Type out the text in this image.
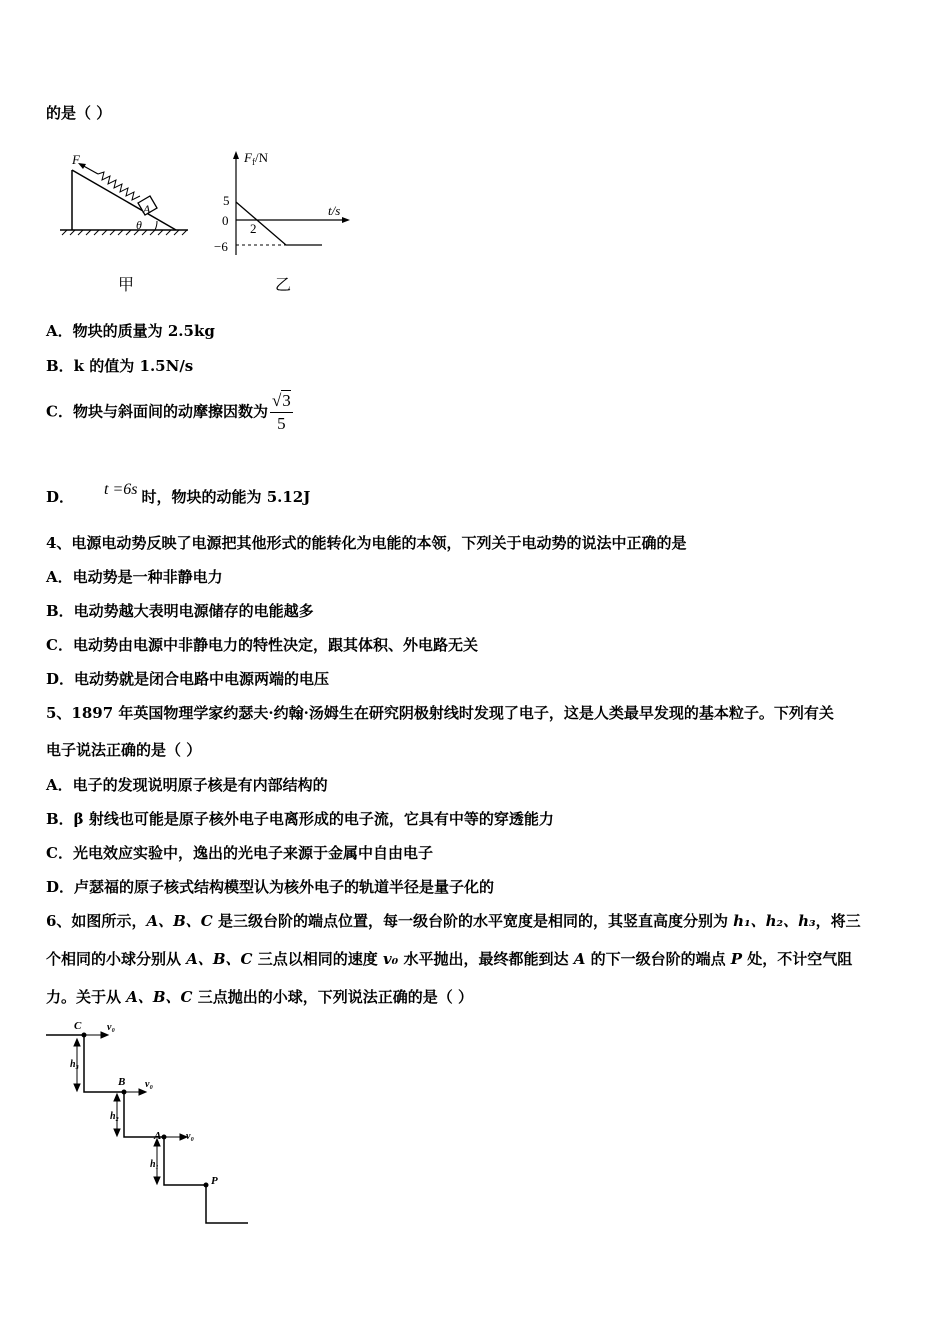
的是（ ）
F
A
θ
甲
$F_f/N$
t/s
5
0
−6
2
乙
A．物块的质量为 2.5kg
B．k 的值为 1.5N/s
C．物块与斜面间的动摩擦因数为 $\frac{√3}{5}$
D． t =6s 时，物块的动能为 5.12J
4、电源电动势反映了电源把其他形式的能转化为电能的本领，下列关于电动势的说法中正确的是
A．电动势是一种非静电力
B．电动势越大表明电源储存的电能越多
C．电动势由电源中非静电力的特性决定，跟其体积、外电路无关
D．电动势就是闭合电路中电源两端的电压
5、1897 年英国物理学家约瑟夫·约翰·汤姆生在研究阴极射线时发现了电子，这是人类最早发现的基本粒子。下列有关
电子说法正确的是（ ）
A．电子的发现说明原子核是有内部结构的
B．β 射线也可能是原子核外电子电离形成的电子流，它具有中等的穿透能力
C．光电效应实验中，逸出的光电子来源于金属中自由电子
D．卢瑟福的原子核式结构模型认为核外电子的轨道半径是量子化的
6、如图所示，A、B、C 是三级台阶的端点位置，每一级台阶的水平宽度是相同的，其竖直高度分别为 h₁、h₂、h₃，将三
个相同的小球分别从 A、B、C 三点以相同的速度 v₀ 水平抛出，最终都能到达 A 的下一级台阶的端点 P 处，不计空气阻
力。关于从 A、B、C 三点抛出的小球，下列说法正确的是（ ）
C
B
A
P
v₀
v₀
v₀
h₃
h₂
h₁
